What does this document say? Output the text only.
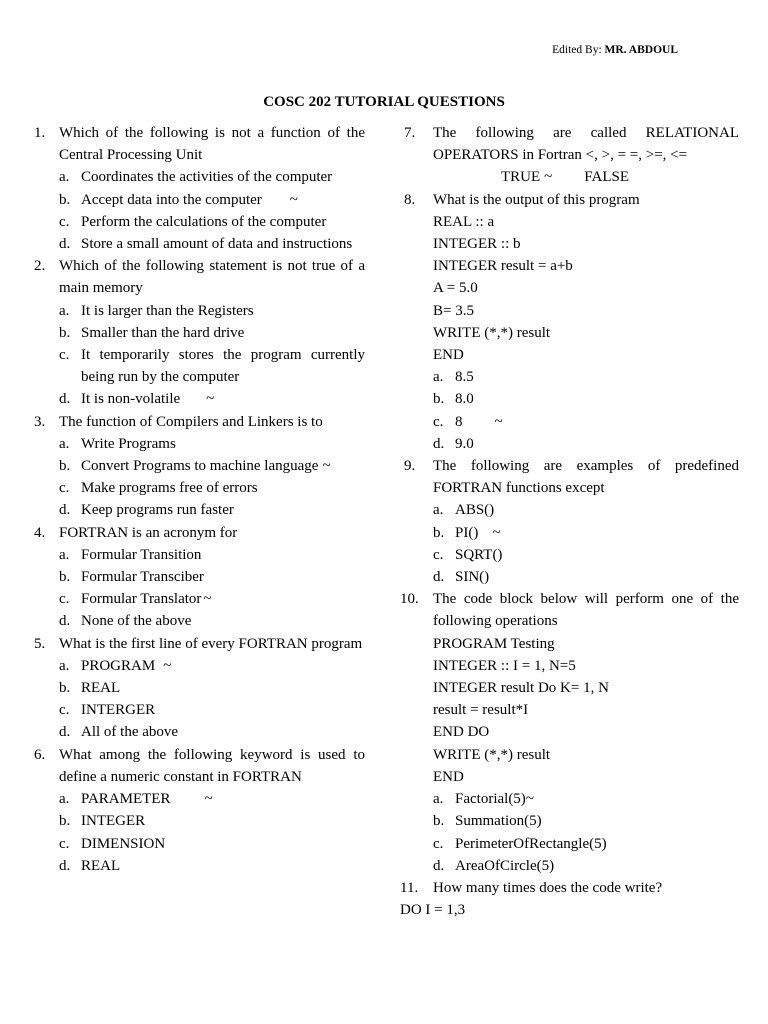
Edited By: MR. ABDOUL
COSC 202 TUTORIAL QUESTIONS
1. Which of the following is not a function of the Central Processing Unit
a. Coordinates the activities of the computer
b. Accept data into the computer ~
c. Perform the calculations of the computer
d. Store a small amount of data and instructions
2. Which of the following statement is not true of a main memory
a. It is larger than the Registers
b. Smaller than the hard drive
c. It temporarily stores the program currently being run by the computer
d. It is non-volatile ~
3. The function of Compilers and Linkers is to
a. Write Programs
b. Convert Programs to machine language ~
c. Make programs free of errors
d. Keep programs run faster
4. FORTRAN is an acronym for
a. Formular Transition
b. Formular Transciber
c. Formular Translator ~
d. None of the above
5. What is the first line of every FORTRAN program
a. PROGRAM ~
b. REAL
c. INTERGER
d. All of the above
6. What among the following keyword is used to define a numeric constant in FORTRAN
a. PARAMETER ~
b. INTEGER
c. DIMENSION
d. REAL
7. The following are called RELATIONAL OPERATORS in Fortran <, >, = =, >=, <=
TRUE ~ FALSE
8. What is the output of this program
REAL :: a
INTEGER :: b
INTEGER result = a+b
A = 5.0
B= 3.5
WRITE (*,*) result
END
a. 8.5
b. 8.0
c. 8 ~
d. 9.0
9. The following are examples of predefined FORTRAN functions except
a. ABS()
b. PI() ~
c. SQRT()
d. SIN()
10. The code block below will perform one of the following operations
PROGRAM Testing
INTEGER :: I = 1, N=5
INTEGER result Do K= 1, N
result = result*I
END DO
WRITE (*,*) result
END
a. Factorial(5)~
b. Summation(5)
c. PerimeterOfRectangle(5)
d. AreaOfCircle(5)
11. How many times does the code write?
DO I = 1,3
